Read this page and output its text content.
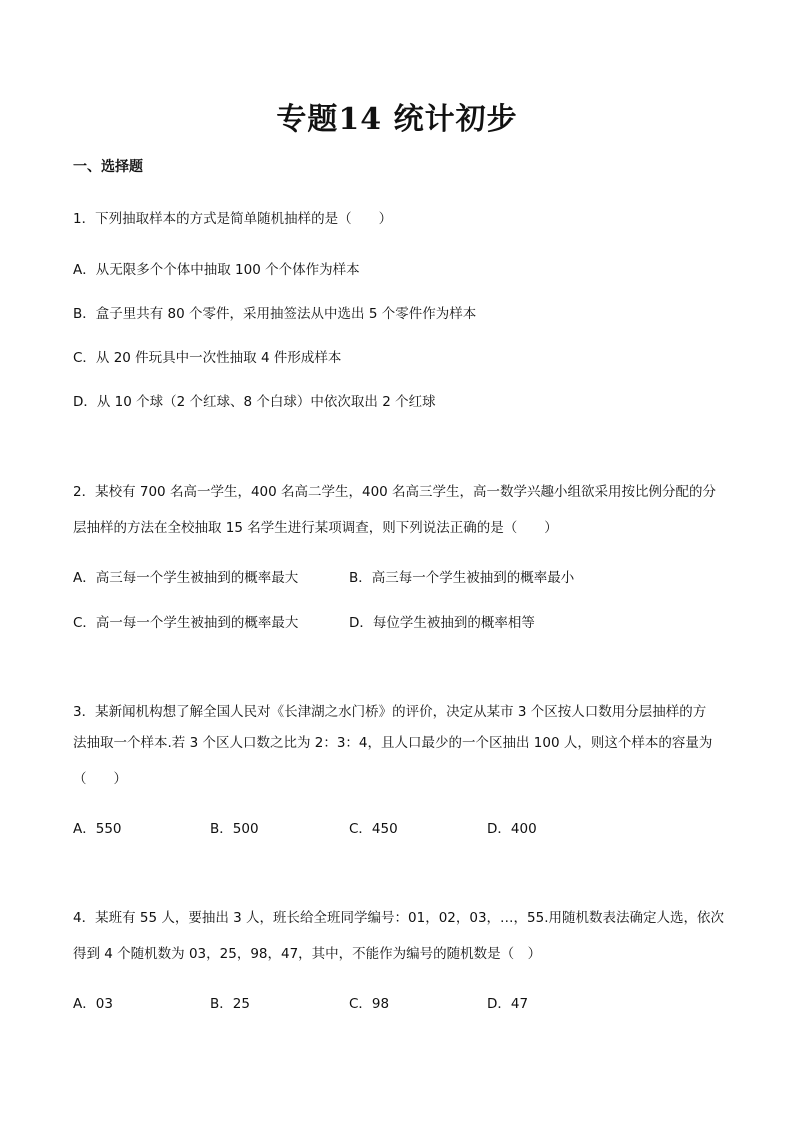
专题14 统计初步
一、选择题
1．下列抽取样本的方式是简单随机抽样的是（　　）
A．从无限多个个体中抽取 100 个个体作为样本
B．盒子里共有 80 个零件，采用抽签法从中选出 5 个零件作为样本
C．从 20 件玩具中一次性抽取 4 件形成样本
D．从 10 个球（2 个红球、8 个白球）中依次取出 2 个红球
2．某校有 700 名高一学生，400 名高二学生，400 名高三学生，高一数学兴趣小组欲采用按比例分配的分
层抽样的方法在全校抽取 15 名学生进行某项调查，则下列说法正确的是（　　）
A．高三每一个学生被抽到的概率最大	B．高三每一个学生被抽到的概率最小
C．高一每一个学生被抽到的概率最大	D．每位学生被抽到的概率相等
3．某新闻机构想了解全国人民对《长津湖之水门桥》的评价，决定从某市 3 个区按人口数用分层抽样的方
法抽取一个样本.若 3 个区人口数之比为 2：3：4，且人口最少的一个区抽出 100 人，则这个样本的容量为
（　　）
A．550	B．500	C．450	D．400
4．某班有 55 人，要抽出 3 人，班长给全班同学编号：01，02，03，…，55.用随机数表法确定人选，依次
得到 4 个随机数为 03，25，98，47，其中，不能作为编号的随机数是（　）
A．03	B．25	C．98	D．47
